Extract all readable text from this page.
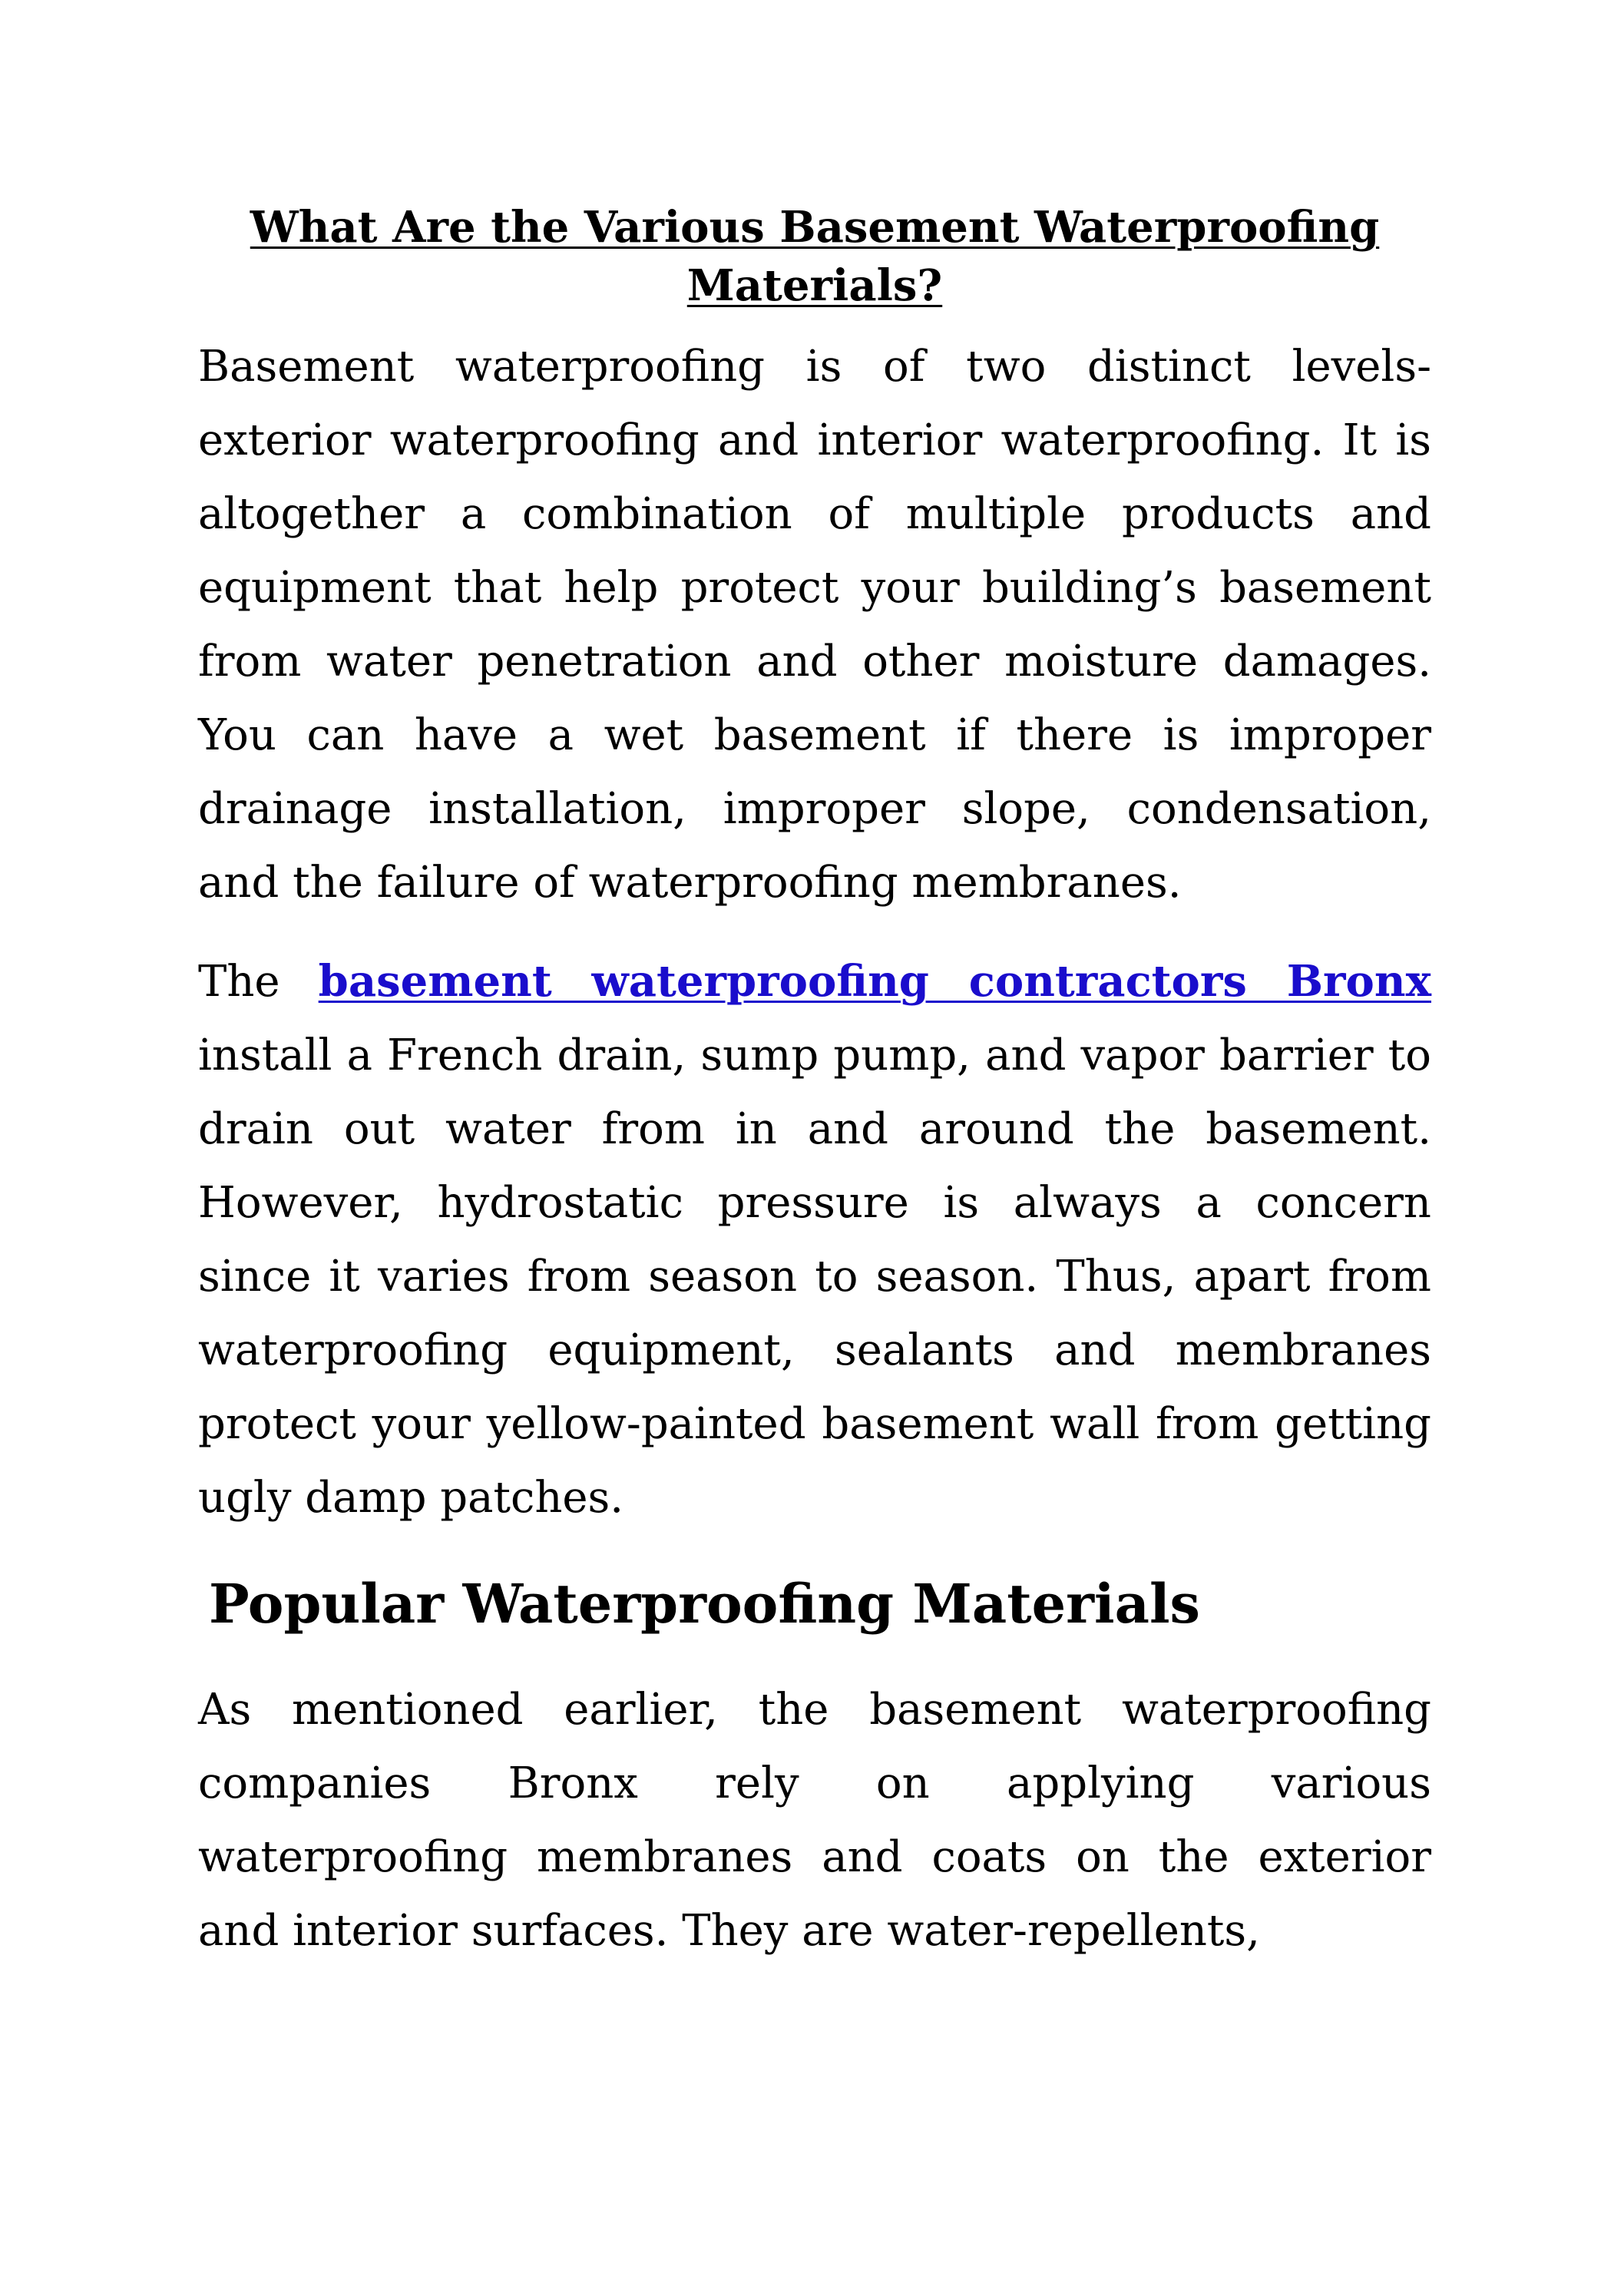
What Are the Various Basement Waterproofing Materials?

Basement waterproofing is of two distinct levels-exterior waterproofing and interior waterproofing. It is altogether a combination of multiple products and equipment that help protect your building’s basement from water penetration and other moisture damages. You can have a wet basement if there is improper drainage installation, improper slope, condensation, and the failure of waterproofing membranes.

The basement waterproofing contractors Bronx install a French drain, sump pump, and vapor barrier to drain out water from in and around the basement. However, hydrostatic pressure is always a concern since it varies from season to season. Thus, apart from waterproofing equipment, sealants and membranes protect your yellow-painted basement wall from getting ugly damp patches.

Popular Waterproofing Materials

As mentioned earlier, the basement waterproofing companies Bronx rely on applying various waterproofing membranes and coats on the exterior and interior surfaces. They are water-repellents,
